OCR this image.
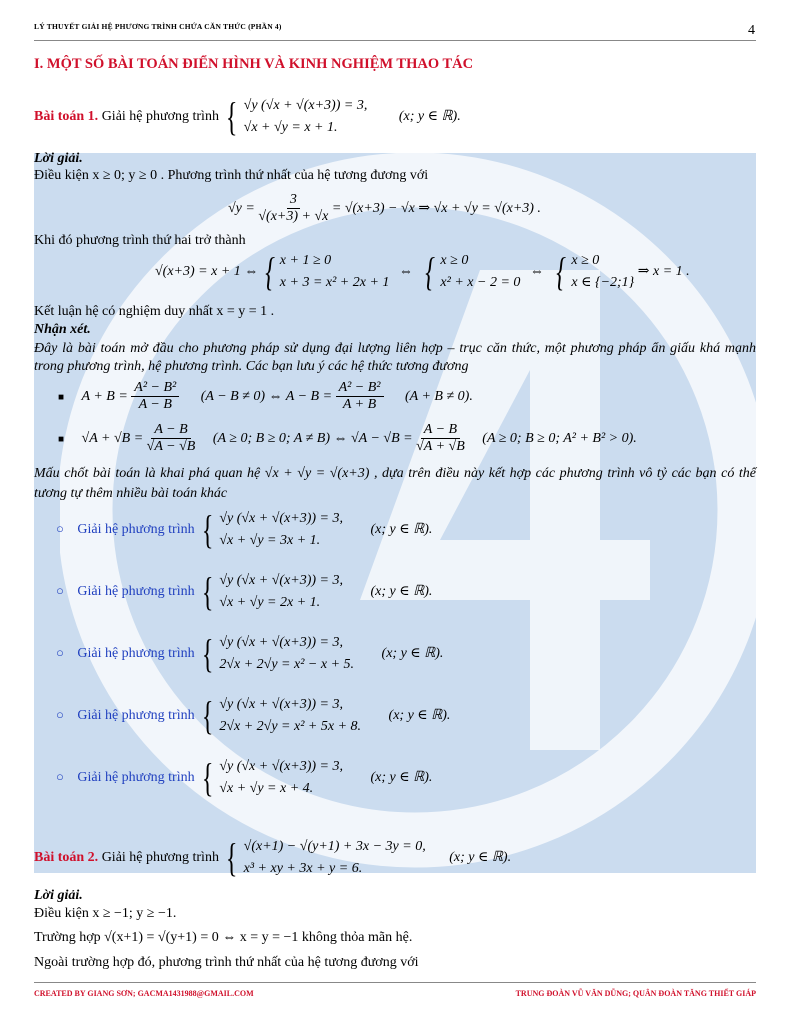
LÝ THUYẾT GIẢI HỆ PHƯƠNG TRÌNH CHỨA CĂN THỨC (PHẦN 4)	4
I. MỘT SỐ BÀI TOÁN ĐIỂN HÌNH VÀ KINH NGHIỆM THAO TÁC
Bài toán 1. Giải hệ phương trình { √y (√x + √(x+3)) = 3,
√x + √y = x + 1.
(x; y ∈ ℝ).
Lời giải.
Điều kiện x ≥ 0; y ≥ 0 . Phương trình thứ nhất của hệ tương đương với
$√y = \frac{3}{√(x+3) + √x} = √(x+3) - √x$ ⇒ √x + √y = √(x+3) .
Khi đó phương trình thứ hai trở thành
√(x+3) = x + 1 ⇔ { x + 1 ≥ 0
x + 3 = x² + 2x + 1
⇔ { x ≥ 0
x² + x − 2 = 0
⇔ { x ≥ 0
x ∈ {−2;1}
⇒ x = 1 .
Kết luận hệ có nghiệm duy nhất x = y = 1 .
Nhận xét.
Đây là bài toán mở đầu cho phương pháp sử dụng đại lượng liên hợp – trục căn thức, một phương pháp ẩn giấu khá mạnh trong phương trình, hệ phương trình. Các bạn lưu ý các hệ thức tương đương
■ $A + B = \frac{\text{A² − B²}}{A - B} (A - B \ne 0)$ ⇔ $A - B = \frac{\text{A² − B²}}{A + B} (A + B \ne 0)$.
■ $√A + √B = \frac{A - B}{√A - √B} (A \ge 0$; B ≥ 0; A ≠ B) ⇔ $√A - √B = \frac{A - B}{√A + √B} (A \ge 0$; B ≥ 0; A² + B² > 0).
Mấu chốt bài toán là khai phá quan hệ √x + √y = √(x+3) , dựa trên điều này kết hợp các phương trình vô tỷ các bạn có thể tương tự thêm nhiều bài toán khác
○ Giải hệ phương trình { √y (√x + √(x+3)) = 3,
√x + √y = 3x + 1.
(x; y ∈ ℝ).
○ Giải hệ phương trình { √y (√x + √(x+3)) = 3,
√x + √y = 2x + 1.
(x; y ∈ ℝ).
○ Giải hệ phương trình { √y (√x + √(x+3)) = 3,
2√x + 2√y = x² − x + 5.
(x; y ∈ ℝ).
○ Giải hệ phương trình { √y (√x + √(x+3)) = 3,
2√x + 2√y = x² + 5x + 8.
(x; y ∈ ℝ).
○ Giải hệ phương trình { √y (√x + √(x+3)) = 3,
√x + √y = x + 4.
(x; y ∈ ℝ).
Bài toán 2. Giải hệ phương trình { √(x+1) − √(y+1) + 3x − 3y = 0,
x³ + xy + 3x + y = 6.
(x; y ∈ ℝ).
Lời giải.
Điều kiện x ≥ −1; y ≥ −1.
Trường hợp √(x+1) = √(y+1) = 0 ⇔ x = y = −1 không thỏa mãn hệ.
Ngoài trường hợp đó, phương trình thứ nhất của hệ tương đương với
CREATED BY GIANG SƠN; GACMA1431988@GMAIL.COM	TRUNG ĐOÀN VŨ VĂN DŨNG; QUÂN ĐOÀN TĂNG THIẾT GIÁP
